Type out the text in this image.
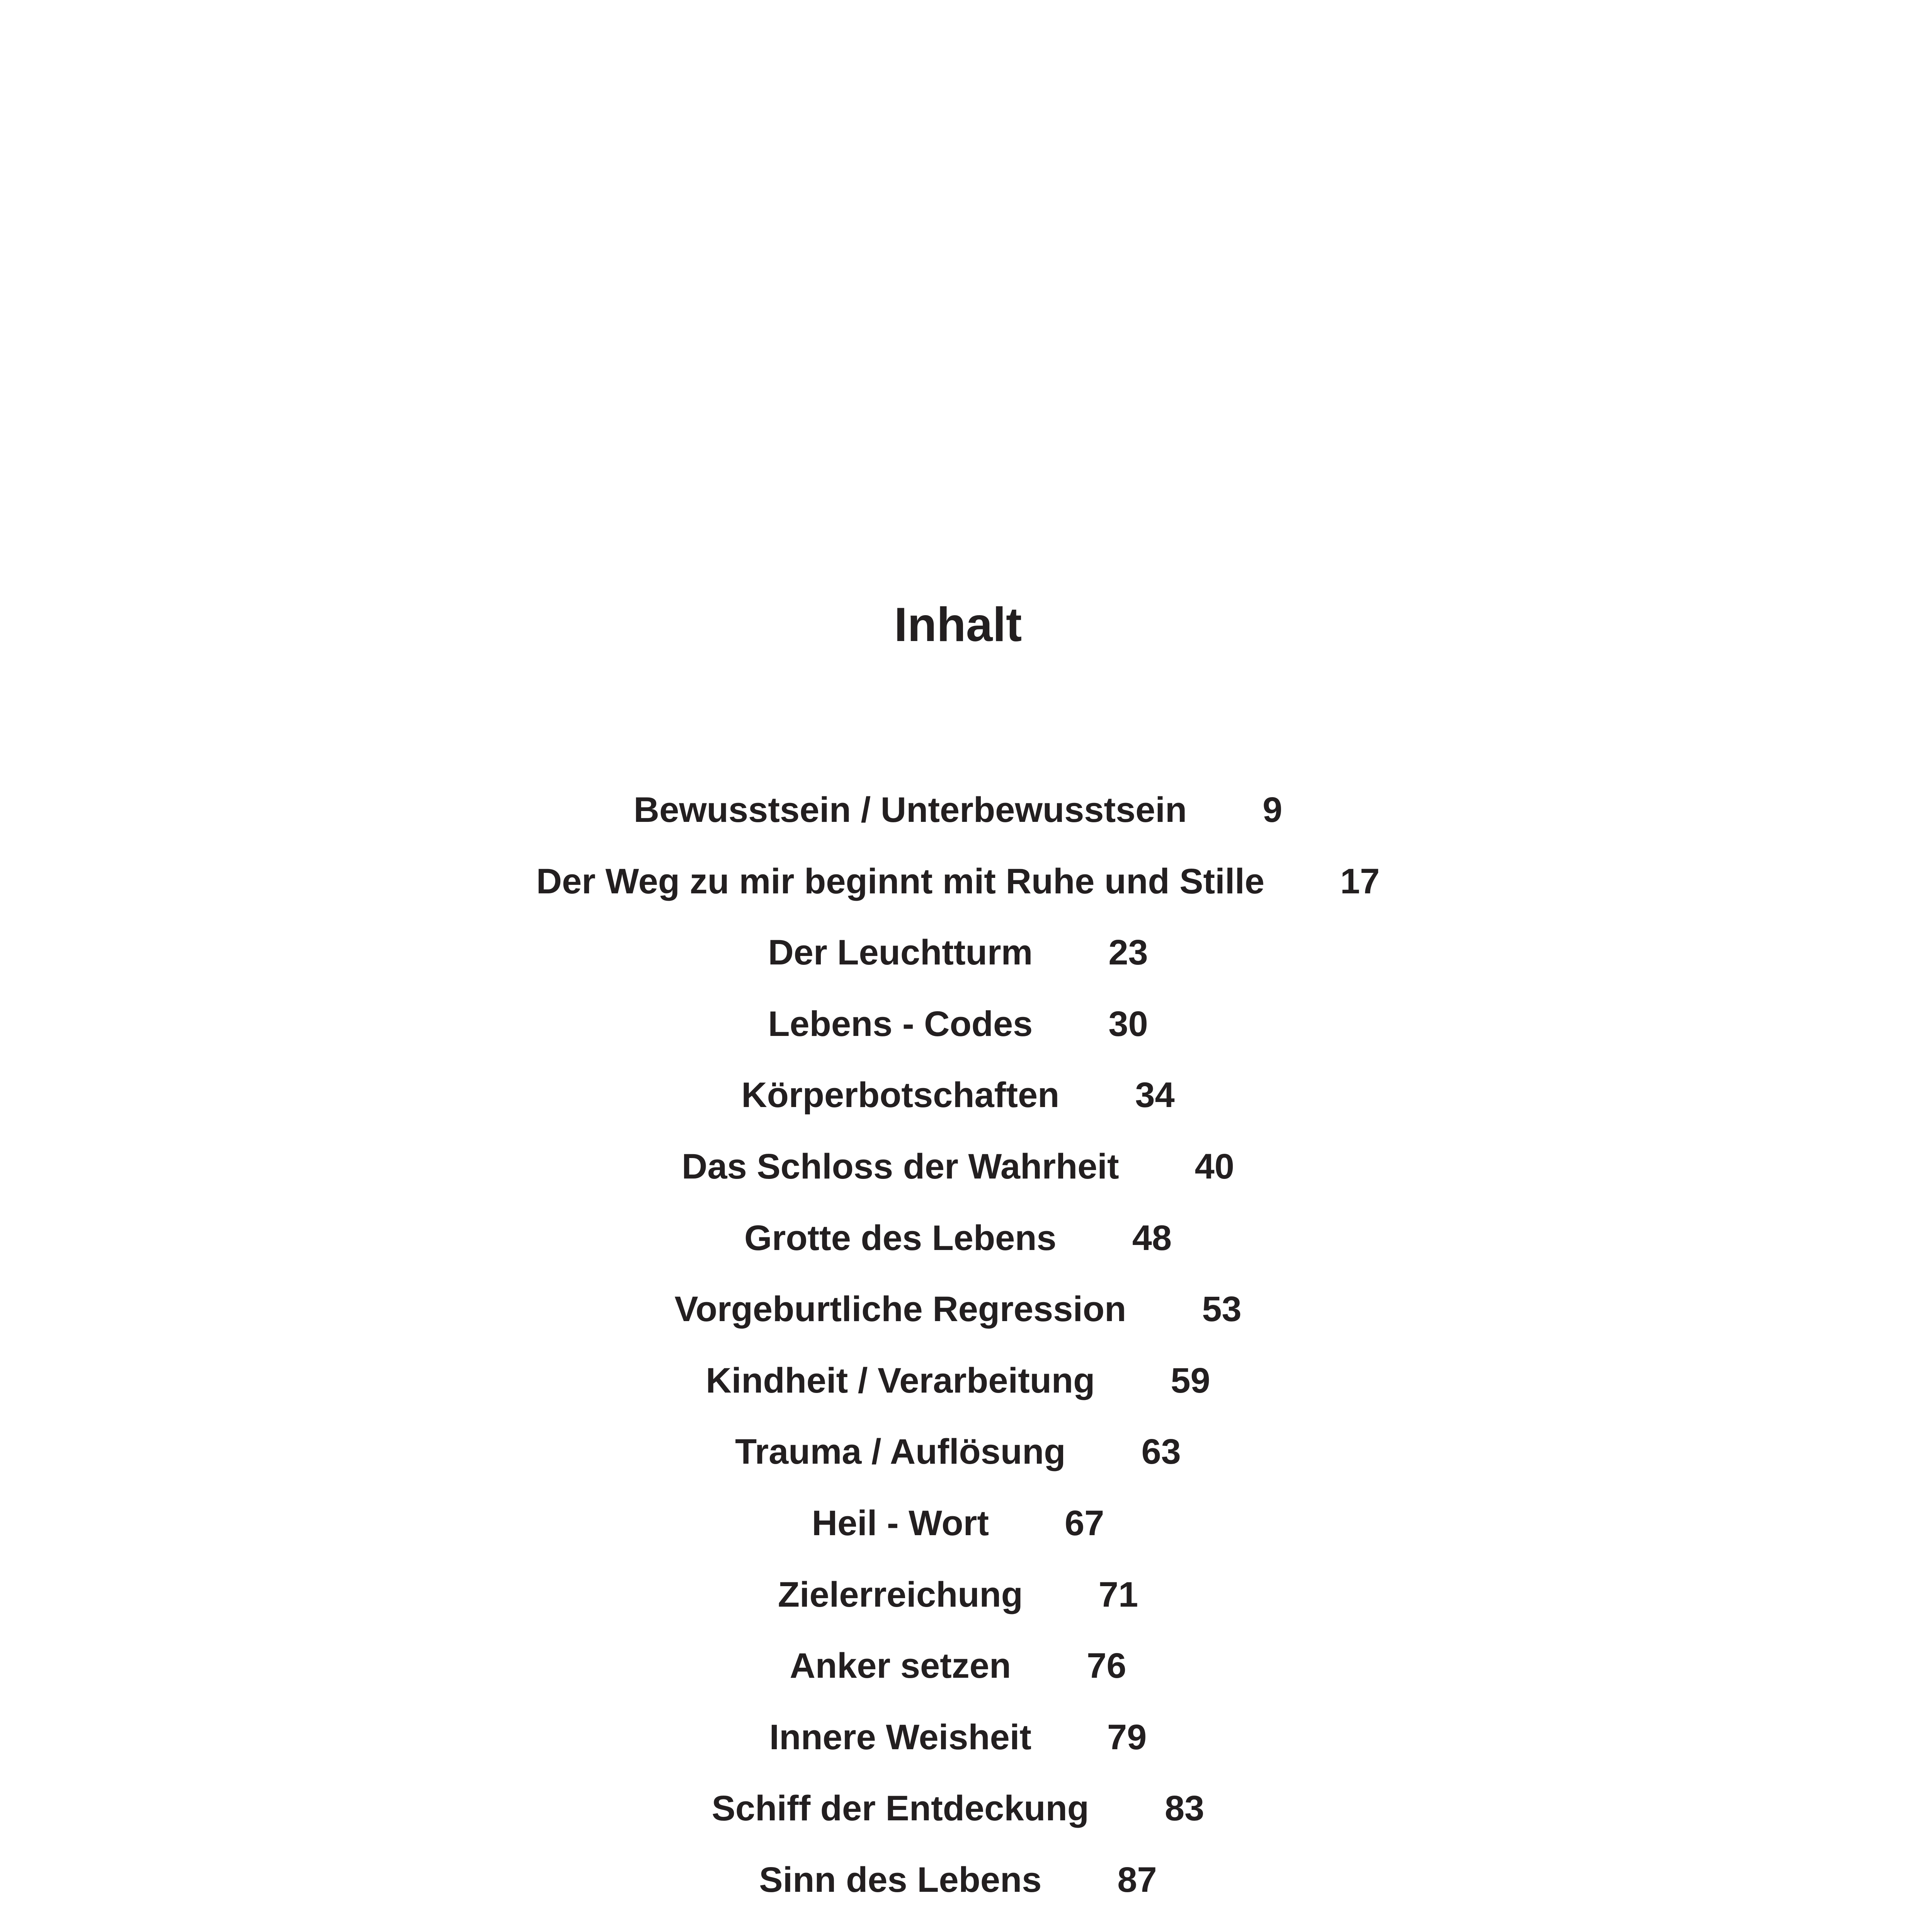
Inhalt
Bewusstsein / Unterbewusstsein 9
Der Weg zu mir beginnt mit Ruhe und Stille 17
Der Leuchtturm 23
Lebens - Codes 30
Körperbotschaften 34
Das Schloss der Wahrheit 40
Grotte des Lebens 48
Vorgeburtliche Regression 53
Kindheit / Verarbeitung 59
Trauma / Auflösung 63
Heil - Wort 67
Zielerreichung 71
Anker setzen 76
Innere Weisheit 79
Schiff der Entdeckung 83
Sinn des Lebens 87
